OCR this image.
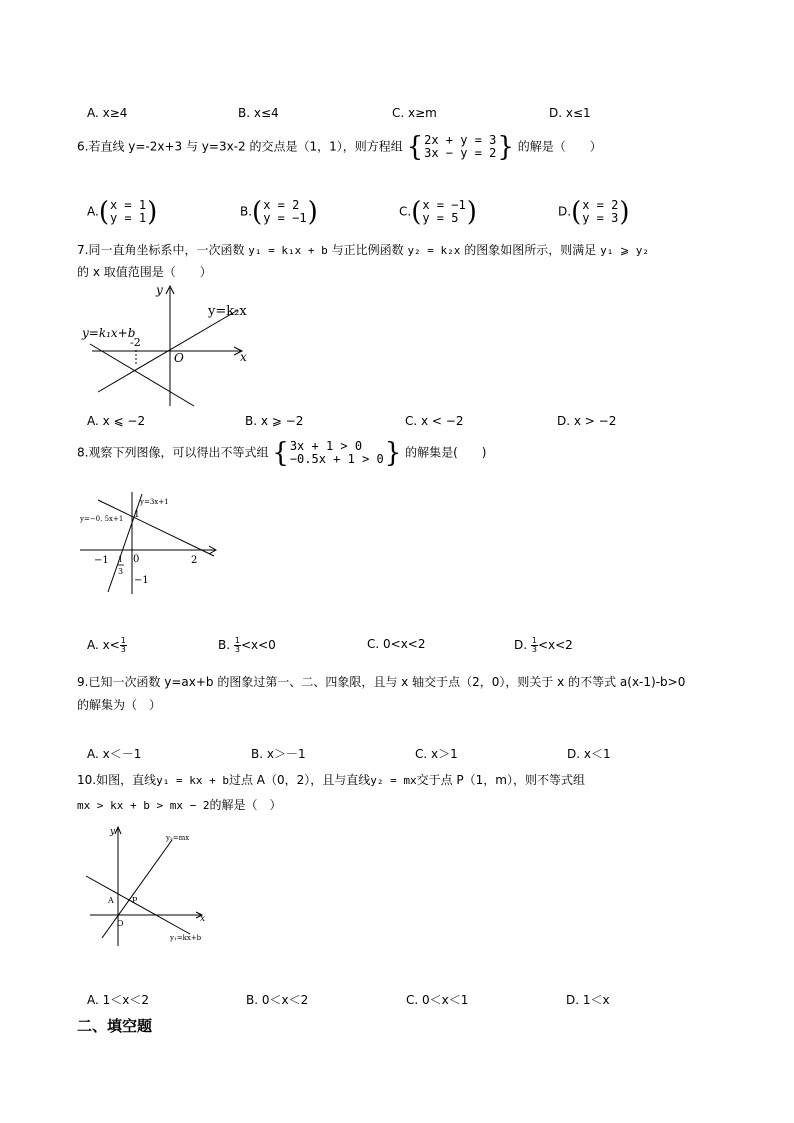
A. x≥4	B. x≤4	C. x≥m	D. x≤1
6.若直线 y=-2x+3 与 y=3x-2 的交点是（1，1），则方程组 { 2x + y = 3
3x − y = 2 } 的解是（　　）
A. ( x = 1
y = 1 )	B. ( x = 2
y = −1 )	C. ( x = −1
y = 5 )	D. ( x = 2
y = 3 )
7.同一直角坐标系中，一次函数 y₁ = k₁x + b 与正比例函数 y₂ = k₂x 的图象如图所示，则满足 y₁ ⩾ y₂
的 x 取值范围是（　　）
y
x
O
-2
y=k₁x+b
y=k₂x
A. x ⩽ −2	B. x ⩾ −2	C. x < −2	D. x > −2
8.观察下列图像，可以得出不等式组 { 3x + 1 > 0
−0.5x + 1 > 0 } 的解集是(　　)
y=3x+1
y=−0. 5x+1 1
−1 0	2
−1
1
3
A. $x< \frac{1}{3}$	B. $\frac{1}{3} <x<0$	C. 0<x<2	D. $\frac{1}{3} <x<2$
9.已知一次函数 y=ax+b 的图象过第一、二、四象限，且与 x 轴交于点（2，0），则关于 x 的不等式 a(x-1)-b>0
的解集为（　）
A. x＜－1	B. x＞－1	C. x＞1	D. x＜1
10.如图，直线y₁ = kx + b过点 A（0，2），且与直线y₂ = mx交于点 P（1，m），则不等式组
mx > kx + b > mx − 2的解是（　）
y
x
O
A P
y₂=mx
y₁=kx+b
A. 1＜x＜2	B. 0＜x＜2	C. 0＜x＜1	D. 1＜x
二、填空题
